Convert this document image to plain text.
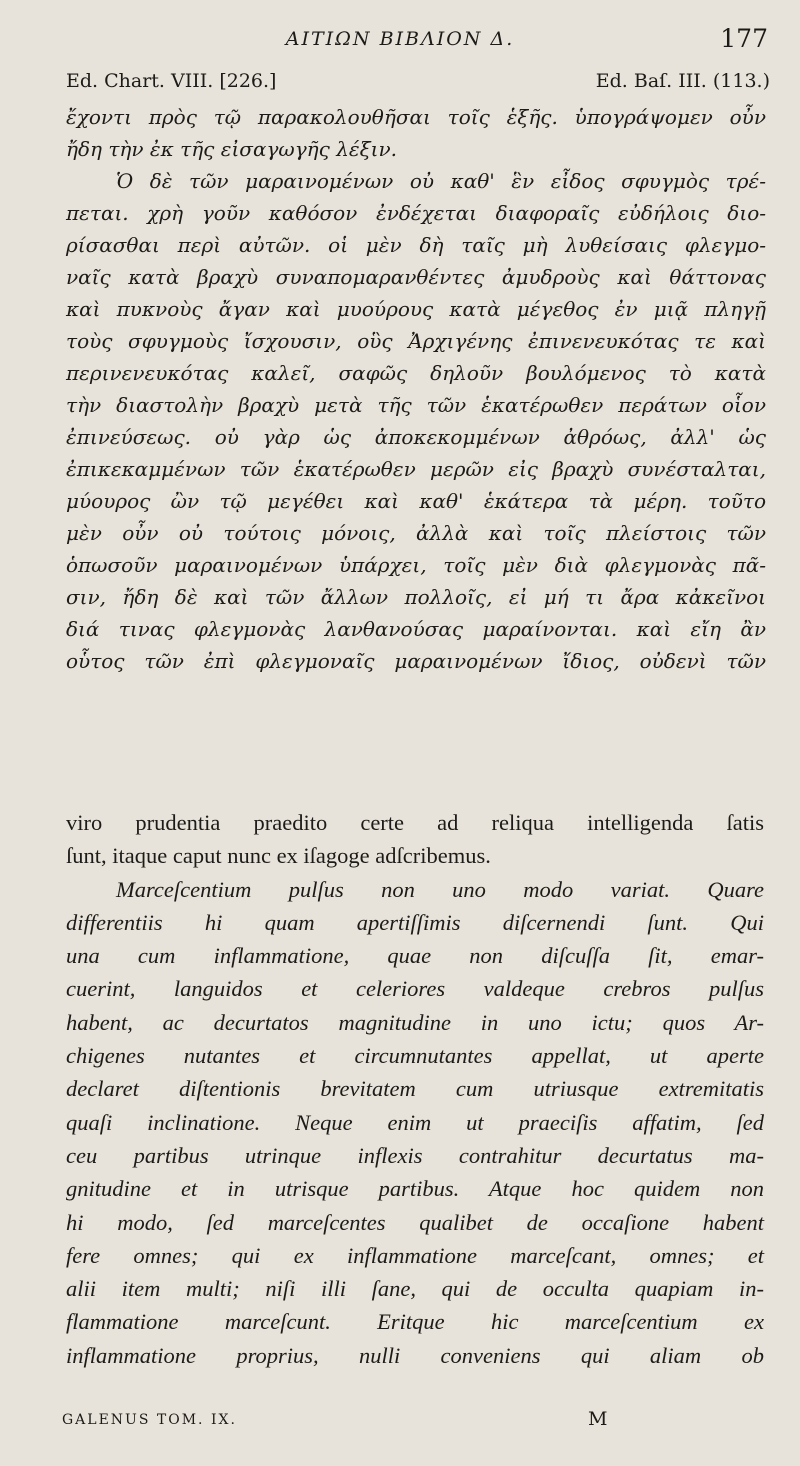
ΑΙΤΙΩΝ ΒΙΒΛΙΟΝ Δ.	177
Ed. Chart. VIII. [226.]	Ed. Baſ. III. (113.)
ἔχοντι πρὸς τῷ παρακολουθῆσαι τοῖς ἑξῆς. ὑπογράψομεν οὖν
ἤδη τὴν ἐκ τῆς εἰσαγωγῆς λέξιν.
Ὁ δὲ τῶν μαραινομένων οὐ καθ' ἓν εἶδος σφυγμὸς τρέ-
πεται. χρὴ γοῦν καθόσον ἐνδέχεται διαφοραῖς εὐδήλοις διο-
ρίσασθαι περὶ αὐτῶν. οἱ μὲν δὴ ταῖς μὴ λυθείσαις φλεγμο-
ναῖς κατὰ βραχὺ συναπομαρανθέντες ἀμυδροὺς καὶ θάττονας
καὶ πυκνοὺς ἄγαν καὶ μυούρους κατὰ μέγεθος ἐν μιᾷ πληγῇ
τοὺς σφυγμοὺς ἴσχουσιν, οὓς Ἀρχιγένης ἐπινενευκότας τε καὶ
περινενευκότας καλεῖ, σαφῶς δηλοῦν βουλόμενος τὸ κατὰ
τὴν διαστολὴν βραχὺ μετὰ τῆς τῶν ἑκατέρωθεν περάτων οἷον
ἐπινεύσεως. οὐ γὰρ ὡς ἀποκεκομμένων ἀθρόως, ἀλλ' ὡς
ἐπικεκαμμένων τῶν ἑκατέρωθεν μερῶν εἰς βραχὺ συνέσταλται,
μύουρος ὢν τῷ μεγέθει καὶ καθ' ἑκάτερα τὰ μέρη. τοῦτο
μὲν οὖν οὐ τούτοις μόνοις, ἀλλὰ καὶ τοῖς πλείστοις τῶν
ὁπωσοῦν μαραινομένων ὑπάρχει, τοῖς μὲν διὰ φλεγμονὰς πᾶ-
σιν, ἤδη δὲ καὶ τῶν ἄλλων πολλοῖς, εἰ μή τι ἄρα κἀκεῖνοι
διά τινας φλεγμονὰς λανθανούσας μαραίνονται. καὶ εἴη ἂν
οὗτος τῶν ἐπὶ φλεγμοναῖς μαραινομένων ἴδιος, οὐδενὶ τῶν
viro prudentia praedito certe ad reliqua intelligenda ſatis
ſunt, itaque caput nunc ex iſagoge adſcribemus.
Marceſcentium pulſus non uno modo variat. Quare
differentiis hi quam apertiſſimis diſcernendi ſunt. Qui
una cum inflammatione, quae non diſcuſſa ſit, emar-
cuerint, languidos et celeriores valdeque crebros pulſus
habent, ac decurtatos magnitudine in uno ictu; quos Ar-
chigenes nutantes et circumnutantes appellat, ut aperte
declaret diſtentionis brevitatem cum utriusque extremitatis
quaſi inclinatione. Neque enim ut praeciſis affatim, ſed
ceu partibus utrinque inflexis contrahitur decurtatus ma-
gnitudine et in utrisque partibus. Atque hoc quidem non
hi modo, ſed marceſcentes qualibet de occaſione habent
fere omnes; qui ex inflammatione marceſcant, omnes; et
alii item multi; niſi illi ſane, qui de occulta quapiam in-
flammatione marceſcunt. Eritque hic marceſcentium ex
inflammatione proprius, nulli conveniens qui aliam ob
GALENUS TOM. IX.	M
